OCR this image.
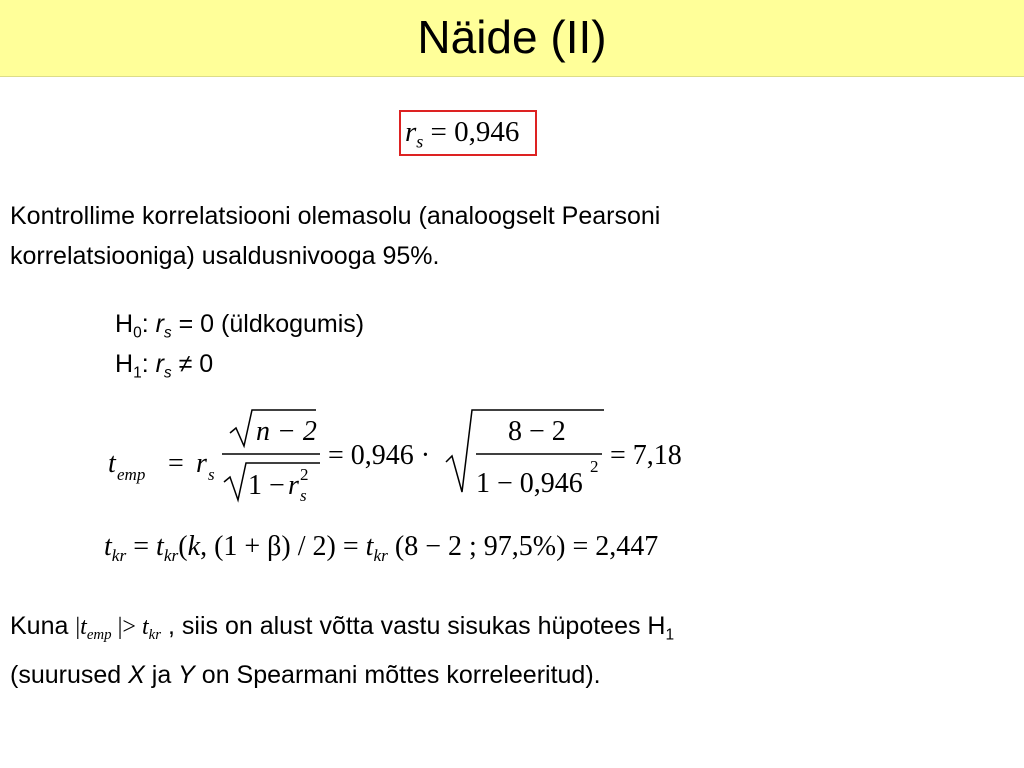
Näide (II)
$r_s = 0,946$
Kontrollime korrelatsiooni olemasolu (analoogselt Pearsoni
korrelatsiooniga) usaldusnivooga 95%.
$H_0$: $r_s = 0$ (üldkogumis)
$H_1$: $r_s \ne 0$
t emp = r s
n − 2
1 − r 2
s
= 0,946 ·
8 − 2
1 − 0,946
2 = 7,18
$t_{kr} = t_{kr}(k$, $(1 + \beta) / 2) = t_{kr}$ (8 − 2 ; 97,5%) = 2,447
Kuna $|t_{emp}$ |> $t_{kr}$ , siis on alust võtta vastu sisukas hüpotees $H_1$
(suurused X ja Y on Spearmani mõttes korreleeritud).
